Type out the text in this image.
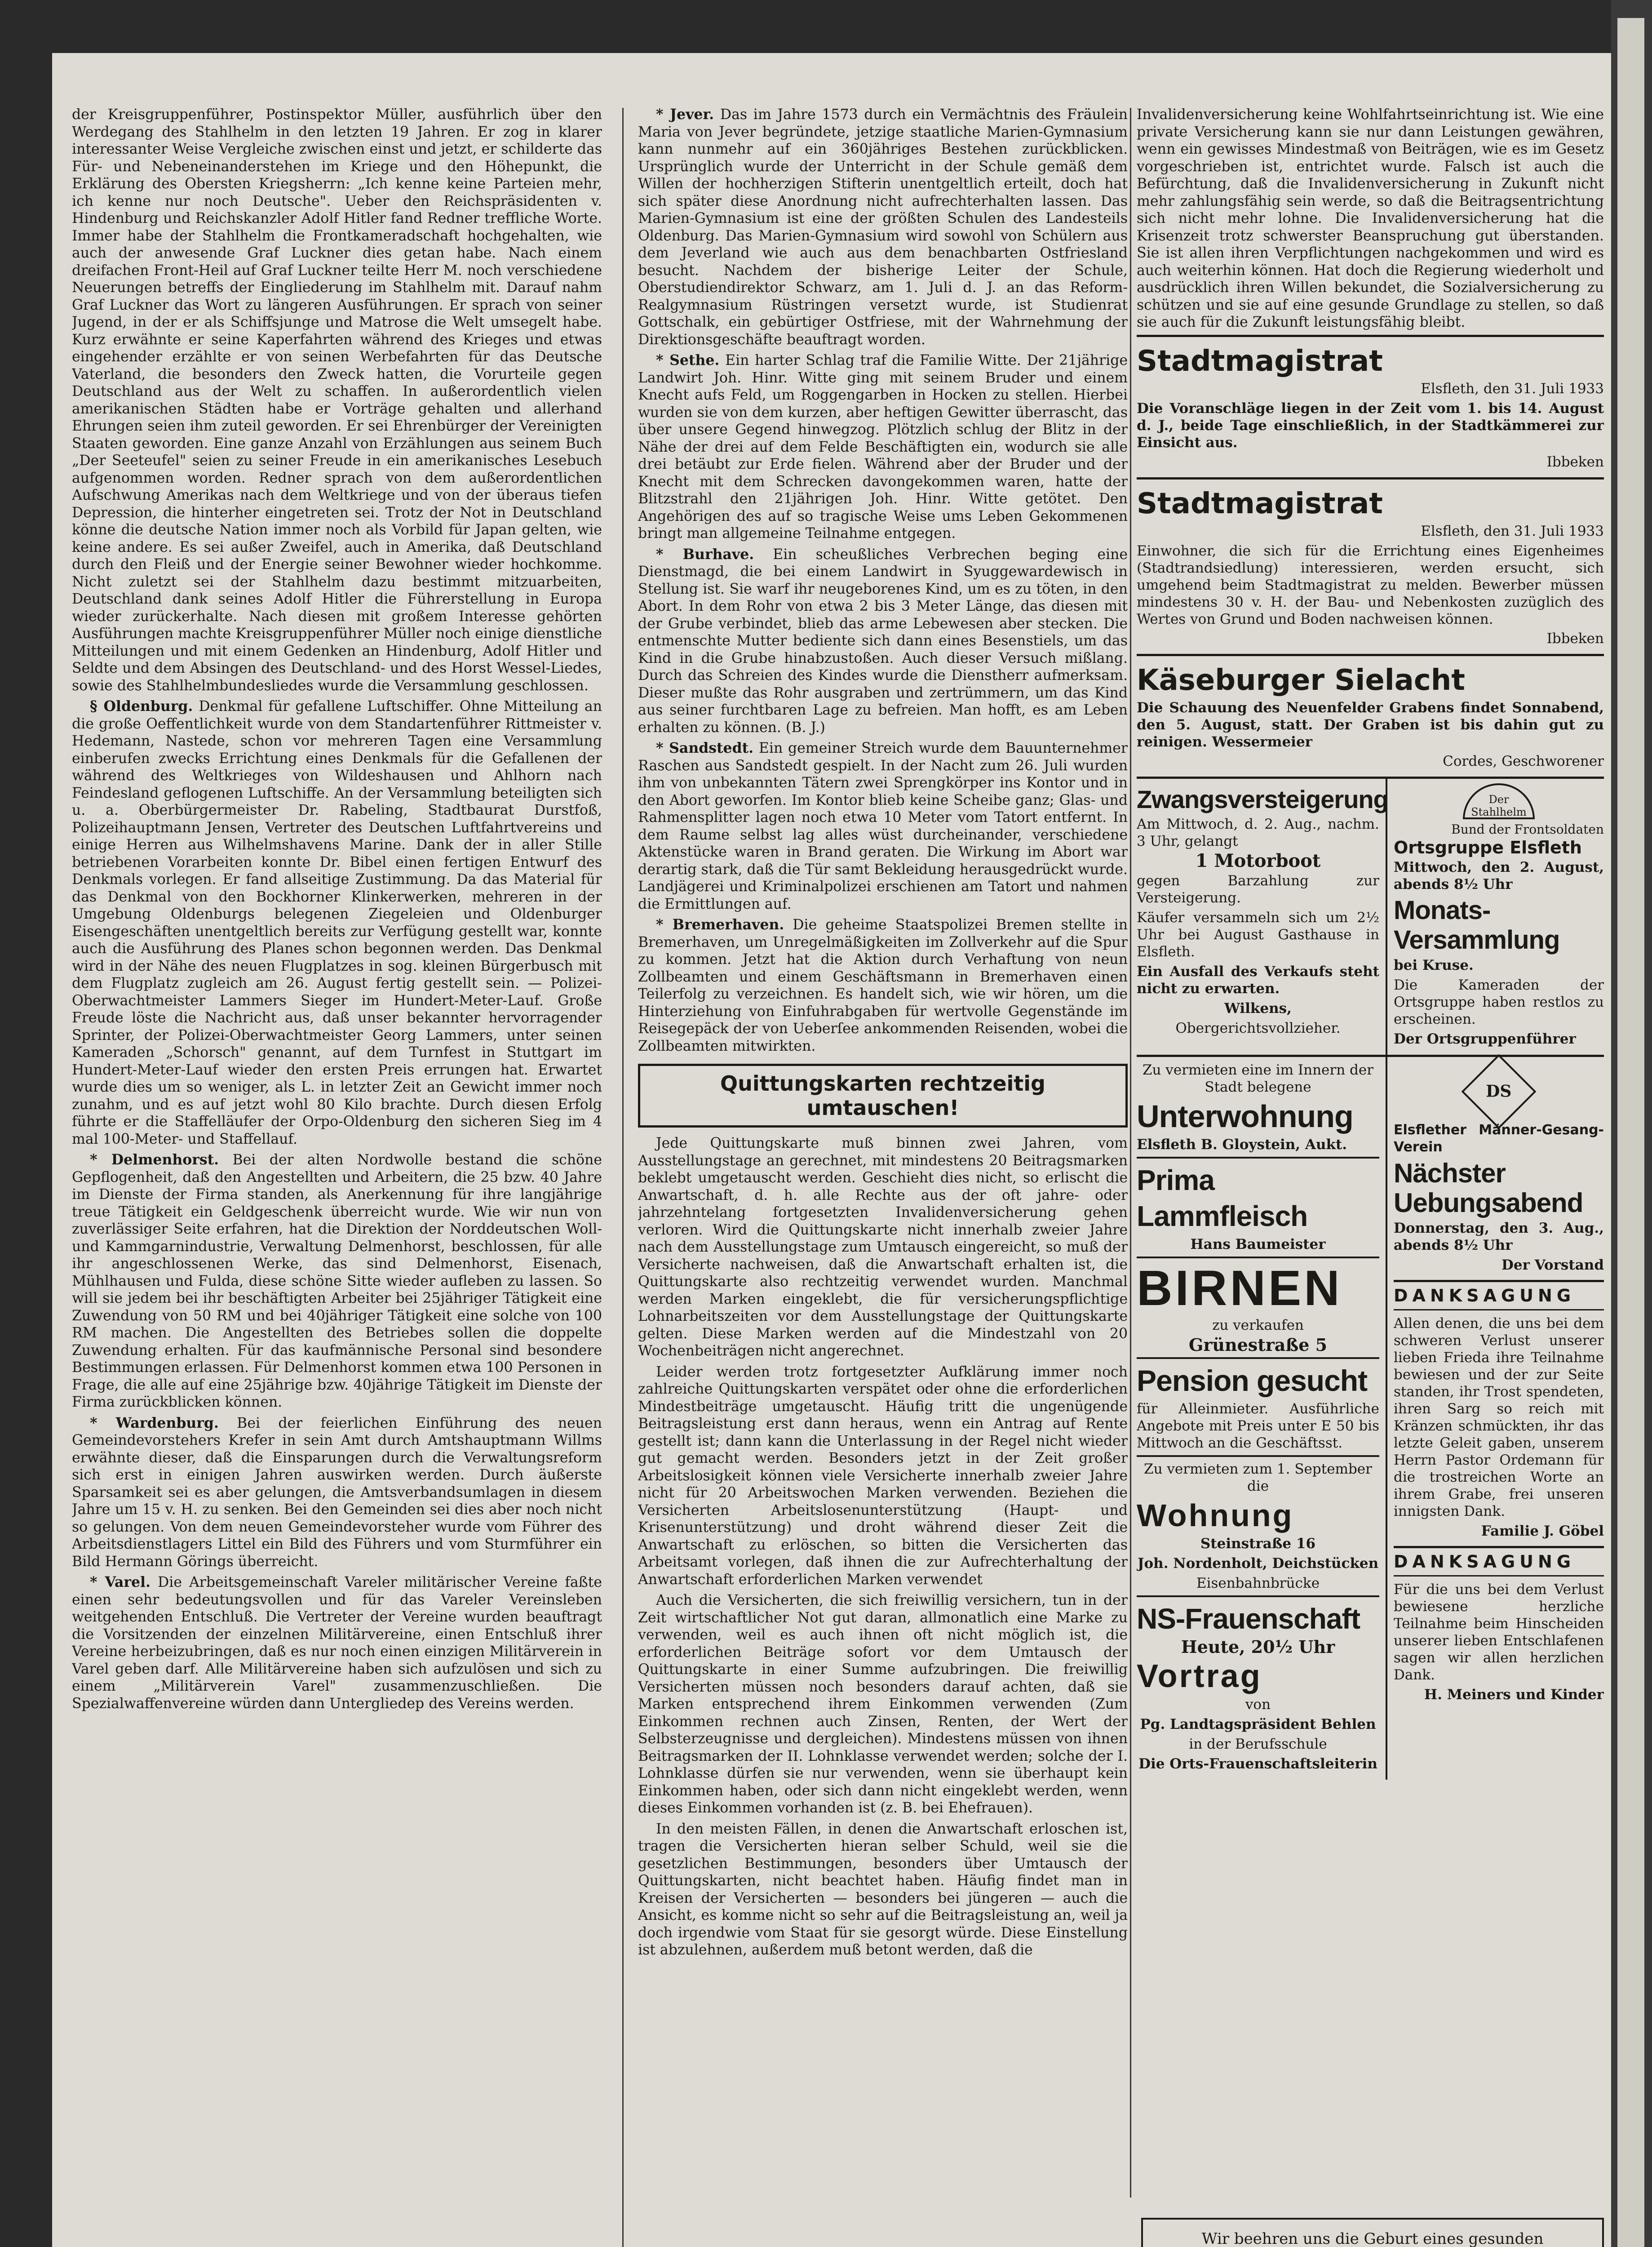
der Kreisgruppenführer, Postinspektor Müller, ausführlich über den Werdegang des Stahlhelm in den letzten 19 Jahren. Er zog in klarer interessanter Weise Vergleiche zwischen einst und jetzt, er schilderte das Für- und Nebeneinanderstehen im Kriege und den Höhepunkt, die Erklärung des Obersten Kriegsherrn: „Ich kenne keine Parteien mehr, ich kenne nur noch Deutsche". Ueber den Reichspräsidenten v. Hindenburg und Reichskanzler Adolf Hitler fand Redner treffliche Worte. Immer habe der Stahlhelm die Frontkameradschaft hochgehalten, wie auch der anwesende Graf Luckner dies getan habe. Nach einem dreifachen Front-Heil auf Graf Luckner teilte Herr M. noch verschiedene Neuerungen betreffs der Eingliederung im Stahlhelm mit. Darauf nahm Graf Luckner das Wort zu längeren Ausführungen. Er sprach von seiner Jugend, in der er als Schiffsjunge und Matrose die Welt umsegelt habe. Kurz erwähnte er seine Kaperfahrten während des Krieges und etwas eingehender erzählte er von seinen Werbefahrten für das Deutsche Vaterland, die besonders den Zweck hatten, die Vorurteile gegen Deutschland aus der Welt zu schaffen. In außerordentlich vielen amerikanischen Städten habe er Vorträge gehalten und allerhand Ehrungen seien ihm zuteil geworden. Er sei Ehrenbürger der Vereinigten Staaten geworden. Eine ganze Anzahl von Erzählungen aus seinem Buch „Der Seeteufel" seien zu seiner Freude in ein amerikanisches Lesebuch aufgenommen worden. Redner sprach von dem außerordentlichen Aufschwung Amerikas nach dem Weltkriege und von der überaus tiefen Depression, die hinterher eingetreten sei. Trotz der Not in Deutschland könne die deutsche Nation immer noch als Vorbild für Japan gelten, wie keine andere. Es sei außer Zweifel, auch in Amerika, daß Deutschland durch den Fleiß und der Energie seiner Bewohner wieder hochkomme. Nicht zuletzt sei der Stahlhelm dazu bestimmt mitzuarbeiten, Deutschland dank seines Adolf Hitler die Führerstellung in Europa wieder zurückerhalte. Nach diesen mit großem Interesse gehörten Ausführungen machte Kreisgruppenführer Müller noch einige dienstliche Mitteilungen und mit einem Gedenken an Hindenburg, Adolf Hitler und Seldte und dem Absingen des Deutschland- und des Horst Wessel-Liedes, sowie des Stahlhelmbundesliedes wurde die Versammlung geschlossen.

§ Oldenburg. Denkmal für gefallene Luftschiffer. Ohne Mitteilung an die große Oeffentlichkeit wurde von dem Standartenführer Rittmeister v. Hedemann, Nastede, schon vor mehreren Tagen eine Versammlung einberufen zwecks Errichtung eines Denkmals für die Gefallenen der während des Weltkrieges von Wildeshausen und Ahlhorn nach Feindesland geflogenen Luftschiffe. An der Versammlung beteiligten sich u. a. Oberbürgermeister Dr. Rabeling, Stadtbaurat Durstfoß, Polizeihauptmann Jensen, Vertreter des Deutschen Luftfahrtvereins und einige Herren aus Wilhelmshavens Marine. Dank der in aller Stille betriebenen Vorarbeiten konnte Dr. Bibel einen fertigen Entwurf des Denkmals vorlegen. Er fand allseitige Zustimmung. Da das Material für das Denkmal von den Bockhorner Klinkerwerken, mehreren in der Umgebung Oldenburgs belegenen Ziegeleien und Oldenburger Eisengeschäften unentgeltlich bereits zur Verfügung gestellt war, konnte auch die Ausführung des Planes schon begonnen werden. Das Denkmal wird in der Nähe des neuen Flugplatzes in sog. kleinen Bürgerbusch mit dem Flugplatz zugleich am 26. August fertig gestellt sein. — Polizei-Oberwachtmeister Lammers Sieger im Hundert-Meter-Lauf. Große Freude löste die Nachricht aus, daß unser bekannter hervorragender Sprinter, der Polizei-Oberwachtmeister Georg Lammers, unter seinen Kameraden „Schorsch" genannt, auf dem Turnfest in Stuttgart im Hundert-Meter-Lauf wieder den ersten Preis errungen hat. Erwartet wurde dies um so weniger, als L. in letzter Zeit an Gewicht immer noch zunahm, und es auf jetzt wohl 80 Kilo brachte. Durch diesen Erfolg führte er die Staffelläufer der Orpo-Oldenburg den sicheren Sieg im 4 mal 100-Meter- und Staffellauf.

* Delmenhorst. Bei der alten Nordwolle bestand die schöne Gepflogenheit, daß den Angestellten und Arbeitern, die 25 bzw. 40 Jahre im Dienste der Firma standen, als Anerkennung für ihre langjährige treue Tätigkeit ein Geldgeschenk überreicht wurde. Wie wir nun von zuverlässiger Seite erfahren, hat die Direktion der Norddeutschen Woll- und Kammgarnindustrie, Verwaltung Delmenhorst, beschlossen, für alle ihr angeschlossenen Werke, das sind Delmenhorst, Eisenach, Mühlhausen und Fulda, diese schöne Sitte wieder aufleben zu lassen. So will sie jedem bei ihr beschäftigten Arbeiter bei 25jähriger Tätigkeit eine Zuwendung von 50 RM und bei 40jähriger Tätigkeit eine solche von 100 RM machen. Die Angestellten des Betriebes sollen die doppelte Zuwendung erhalten. Für das kaufmännische Personal sind besondere Bestimmungen erlassen. Für Delmenhorst kommen etwa 100 Personen in Frage, die alle auf eine 25jährige bzw. 40jährige Tätigkeit im Dienste der Firma zurückblicken können.

* Wardenburg. Bei der feierlichen Einführung des neuen Gemeindevorstehers Krefer in sein Amt durch Amtshauptmann Willms erwähnte dieser, daß die Einsparungen durch die Verwaltungsreform sich erst in einigen Jahren auswirken werden. Durch äußerste Sparsamkeit sei es aber gelungen, die Amtsverbandsumlagen in diesem Jahre um 15 v. H. zu senken. Bei den Gemeinden sei dies aber noch nicht so gelungen. Von dem neuen Gemeindevorsteher wurde vom Führer des Arbeitsdienstlagers Littel ein Bild des Führers und vom Sturmführer ein Bild Hermann Görings überreicht.

* Varel. Die Arbeitsgemeinschaft Vareler militärischer Vereine faßte einen sehr bedeutungsvollen und für das Vareler Vereinsleben weitgehenden Entschluß. Die Vertreter der Vereine wurden beauftragt die Vorsitzenden der einzelnen Militärvereine, einen Entschluß ihrer Vereine herbeizubringen, daß es nur noch einen einzigen Militärverein in Varel geben darf. Alle Militärvereine haben sich aufzulösen und sich zu einem „Militärverein Varel" zusammenzuschließen. Die Spezialwaffenvereine würden dann Untergliedер des Vereins werden.

* Jever. Das im Jahre 1573 durch ein Vermächtnis des Fräulein Maria von Jever begründete, jetzige staatliche Marien-Gymnasium kann nunmehr auf ein 360jähriges Bestehen zurückblicken. Ursprünglich wurde der Unterricht in der Schule gemäß dem Willen der hochherzigen Stifterin unentgeltlich erteilt, doch hat sich später diese Anordnung nicht aufrechterhalten lassen. Das Marien-Gymnasium ist eine der größten Schulen des Landesteils Oldenburg. Das Marien-Gymnasium wird sowohl von Schülern aus dem Jeverland wie auch aus dem benachbarten Ostfriesland besucht. Nachdem der bisherige Leiter der Schule, Oberstudiendirektor Schwarz, am 1. Juli d. J. an das Reform-Realgymnasium Rüstringen versetzt wurde, ist Studienrat Gottschalk, ein gebürtiger Ostfriese, mit der Wahrnehmung der Direktionsgeschäfte beauftragt worden.

* Sethe. Ein harter Schlag traf die Familie Witte. Der 21jährige Landwirt Joh. Hinr. Witte ging mit seinem Bruder und einem Knecht aufs Feld, um Roggengarben in Hocken zu stellen. Hierbei wurden sie von dem kurzen, aber heftigen Gewitter überrascht, das über unsere Gegend hinwegzog. Plötzlich schlug der Blitz in der Nähe der drei auf dem Felde Beschäftigten ein, wodurch sie alle drei betäubt zur Erde fielen. Während aber der Bruder und der Knecht mit dem Schrecken davongekommen waren, hatte der Blitzstrahl den 21jährigen Joh. Hinr. Witte getötet. Den Angehörigen des auf so tragische Weise ums Leben Gekommenen bringt man allgemeine Teilnahme entgegen.

* Burhave. Ein scheußliches Verbrechen beging eine Dienstmagd, die bei einem Landwirt in Syuggewardewisch in Stellung ist. Sie warf ihr neugeborenes Kind, um es zu töten, in den Abort. In dem Rohr von etwa 2 bis 3 Meter Länge, das diesen mit der Grube verbindet, blieb das arme Lebewesen aber stecken. Die entmenschte Mutter bediente sich dann eines Besenstiels, um das Kind in die Grube hinabzustoßen. Auch dieser Versuch mißlang. Durch das Schreien des Kindes wurde die Dienstherr aufmerksam. Dieser mußte das Rohr ausgraben und zertrümmern, um das Kind aus seiner furchtbaren Lage zu befreien. Man hofft, es am Leben erhalten zu können. (B. J.)

* Sandstedt. Ein gemeiner Streich wurde dem Bauunternehmer Raschen aus Sandstedt gespielt. In der Nacht zum 26. Juli wurden ihm von unbekannten Tätern zwei Sprengkörper ins Kontor und in den Abort geworfen. Im Kontor blieb keine Scheibe ganz; Glas- und Rahmensplitter lagen noch etwa 10 Meter vom Tatort entfernt. In dem Raume selbst lag alles wüst durcheinander, verschiedene Aktenstücke waren in Brand geraten. Die Wirkung im Abort war derartig stark, daß die Tür samt Bekleidung herausgedrückt wurde. Landjägerei und Kriminalpolizei erschienen am Tatort und nahmen die Ermittlungen auf.

* Bremerhaven. Die geheime Staatspolizei Bremen stellte in Bremerhaven, um Unregelmäßigkeiten im Zollverkehr auf die Spur zu kommen. Jetzt hat die Aktion durch Verhaftung von neun Zollbeamten und einem Geschäftsmann in Bremerhaven einen Teilerfolg zu verzeichnen. Es handelt sich, wie wir hören, um die Hinterziehung von Einfuhrabgaben für wertvolle Gegenstände im Reisegepäck der von Ueberſee ankommenden Reisenden, wobei die Zollbeamten mitwirkten.

Quittungskarten rechtzeitig umtauschen!

Jede Quittungskarte muß binnen zwei Jahren, vom Ausstellungstage an gerechnet, mit mindestens 20 Beitragsmarken beklebt umgetauscht werden. Geschieht dies nicht, so erlischt die Anwartschaft, d. h. alle Rechte aus der oft jahre- oder jahrzehntelang fortgesetzten Invalidenversicherung gehen verloren. Wird die Quittungskarte nicht innerhalb zweier Jahre nach dem Ausstellungstage zum Umtausch eingereicht, so muß der Versicherte nachweisen, daß die Anwartschaft erhalten ist, die Quittungskarte also rechtzeitig verwendet wurden. Manchmal werden Marken eingeklebt, die für versicherungspflichtige Lohnarbeitszeiten vor dem Ausstellungstage der Quittungskarte gelten. Diese Marken werden auf die Mindestzahl von 20 Wochenbeiträgen nicht angerechnet.

Leider werden trotz fortgesetzter Aufklärung immer noch zahlreiche Quittungskarten verspätet oder ohne die erforderlichen Mindestbeiträge umgetauscht. Häufig tritt die ungenügende Beitragsleistung erst dann heraus, wenn ein Antrag auf Rente gestellt ist; dann kann die Unterlassung in der Regel nicht wieder gut gemacht werden. Besonders jetzt in der Zeit großer Arbeitslosigkeit können viele Versicherte innerhalb zweier Jahre nicht für 20 Arbeitswochen Marken verwenden. Beziehen die Versicherten Arbeitslosenunterstützung (Haupt- und Krisenunterstützung) und droht während dieser Zeit die Anwartschaft zu erlöschen, so bitten die Versicherten das Arbeitsamt vorlegen, daß ihnen die zur Aufrechterhaltung der Anwartschaft erforderlichen Marken verwendet

Auch die Versicherten, die sich freiwillig versichern, tun in der Zeit wirtschaftlicher Not gut daran, allmonatlich eine Marke zu verwenden, weil es auch ihnen oft nicht möglich ist, die erforderlichen Beiträge sofort vor dem Umtausch der Quittungskarte in einer Summe aufzubringen. Die freiwillig Versicherten müssen noch besonders darauf achten, daß sie Marken entsprechend ihrem Einkommen verwenden (Zum Einkommen rechnen auch Zinsen, Renten, der Wert der Selbsterzeugnisse und dergleichen). Mindestens müssen von ihnen Beitragsmarken der II. Lohnklasse verwendet werden; solche der I. Lohnklasse dürfen sie nur verwenden, wenn sie überhaupt kein Einkommen haben, oder sich dann nicht eingeklebt werden, wenn dieses Einkommen vorhanden ist (z. B. bei Ehefrauen).

In den meisten Fällen, in denen die Anwartschaft erloschen ist, tragen die Versicherten hieran selber Schuld, weil sie die gesetzlichen Bestimmungen, besonders über Umtausch der Quittungskarten, nicht beachtet haben. Häufig findet man in Kreisen der Versicherten — besonders bei jüngeren — auch die Ansicht, es komme nicht so sehr auf die Beitragsleistung an, weil ja doch irgendwie vom Staat für sie gesorgt würde. Diese Einstellung ist abzulehnen, außerdem muß betont werden, daß die

Invalidenversicherung keine Wohlfahrtseinrichtung ist. Wie eine private Versicherung kann sie nur dann Leistungen gewähren, wenn ein gewisses Mindestmaß von Beiträgen, wie es im Gesetz vorgeschrieben ist, entrichtet wurde. Falsch ist auch die Befürchtung, daß die Invalidenversicherung in Zukunft nicht mehr zahlungsfähig sein werde, so daß die Beitragsentrichtung sich nicht mehr lohne. Die Invalidenversicherung hat die Krisenzeit trotz schwerster Beanspruchung gut überstanden. Sie ist allen ihren Verpflichtungen nachgekommen und wird es auch weiterhin können. Hat doch die Regierung wiederholt und ausdrücklich ihren Willen bekundet, die Sozialversicherung zu schützen und sie auf eine gesunde Grundlage zu stellen, so daß sie auch für die Zukunft leistungsfähig bleibt.

Stadtmagistrat

Elsfleth, den 31. Juli 1933

Die Voranschläge liegen in der Zeit vom 1. bis 14. August d. J., beide Tage einschließlich, in der Stadtkämmerei zur Einsicht aus.

Ibbeken

Stadtmagistrat

Elsfleth, den 31. Juli 1933

Einwohner, die sich für die Errichtung eines Eigenheimes (Stadtrandsiedlung) interessieren, werden ersucht, sich umgehend beim Stadtmagistrat zu melden. Bewerber müssen mindestens 30 v. H. der Bau- und Nebenkosten zuzüglich des Wertes von Grund und Boden nachweisen können.

Ibbeken

Käseburger Sielacht

Die Schauung des Neuenfelder Grabens findet Sonnabend, den 5. August, statt. Der Graben ist bis dahin gut zu reinigen. Wessermeier

Cordes, Geschworener

Zwangsversteigerung

Am Mittwoch, d. 2. Aug., nachm. 3 Uhr, gelangt

1 Motorboot

gegen Barzahlung zur Versteigerung.

Käufer versammeln sich um 2½ Uhr bei August Gasthause in Elsfleth.

Ein Ausfall des Verkaufs steht nicht zu erwarten.

Wilkens,

Obergerichtsvollzieher.

Der Stahlhelm

Bund der Frontsoldaten

Ortsgruppe Elsfleth

Mittwoch, den 2. August, abends 8½ Uhr

Monats-Versammlung

bei Kruse.

Die Kameraden der Ortsgruppe haben restlos zu erscheinen.

Der Ortsgruppenführer

Zu vermieten eine im Innern der Stadt belegene

Unterwohnung

Elsfleth B. Gloystein, Aukt.

Prima Lammfleisch

Hans Baumeister

BIRNEN

zu verkaufen

Grünestraße 5

Pension gesucht

für Alleinmieter. Ausführliche Angebote mit Preis unter E 50 bis Mittwoch an die Geschäftsst.

Zu vermieten zum 1. September die

Wohnung

Steinstraße 16

Joh. Nordenholt, Deichstücken

Eisenbahnbrücke

NS-Frauenschaft

Heute, 20½ Uhr

Vortrag

von

Pg. Landtagspräsident Behlen

in der Berufsschule

Die Orts-Frauenschaftsleiterin

DS

Elsflether Männer-Gesang-Verein

Nächster Uebungsabend

Donnerstag, den 3. Aug., abends 8½ Uhr

Der Vorstand

DANKSAGUNG

Allen denen, die uns bei dem schweren Verlust unserer lieben Frieda ihre Teilnahme bewiesen und der zur Seite standen, ihr Trost spendeten, ihren Sarg so reich mit Kränzen schmückten, ihr das letzte Geleit gaben, unserem Herrn Pastor Ordemann für die trostreichen Worte an ihrem Grabe, frei unseren innigsten Dank.

Familie J. Göbel

DANKSAGUNG

Für die uns bei dem Verlust bewiesene herzliche Teilnahme beim Hinscheiden unserer lieben Entschlafenen sagen wir allen herzlichen Dank.

H. Meiners und Kinder

Wir beehren uns die Geburt eines gesunden
